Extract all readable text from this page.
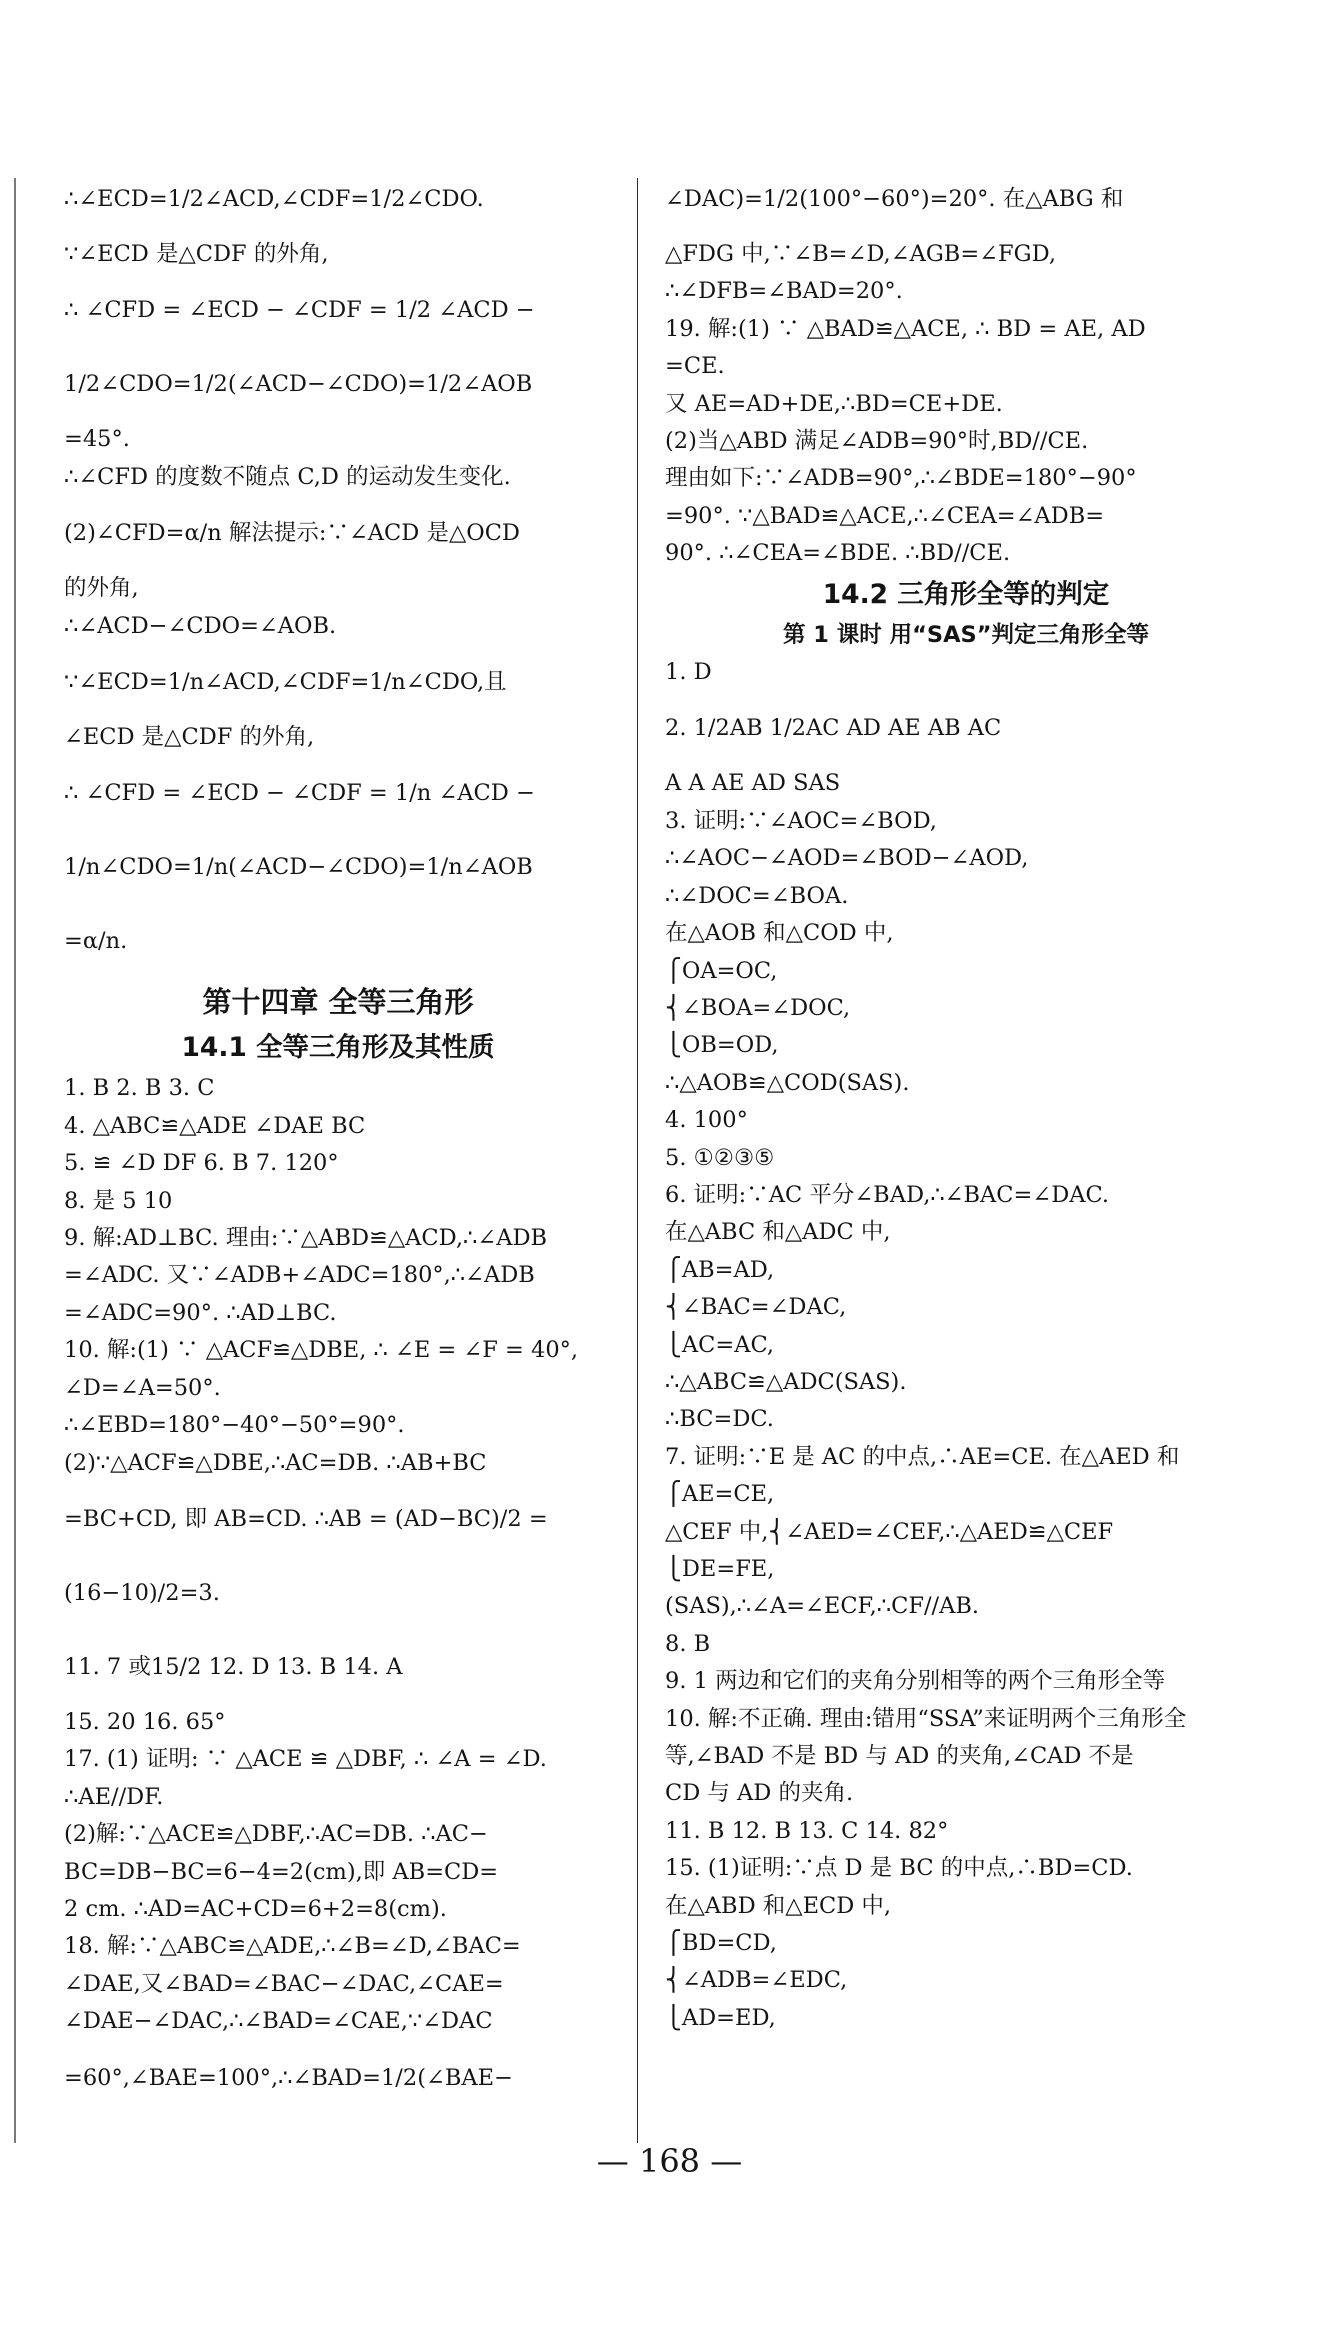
∴∠ECD=1/2∠ACD,∠CDF=1/2∠CDO.
∵∠ECD 是△CDF 的外角,
∴ ∠CFD = ∠ECD − ∠CDF = 1/2 ∠ACD −
1/2∠CDO=1/2(∠ACD−∠CDO)=1/2∠AOB
=45°.
∴∠CFD 的度数不随点 C,D 的运动发生变化.
(2)∠CFD=α/n 解法提示:∵∠ACD 是△OCD
的外角,
∴∠ACD−∠CDO=∠AOB.
∵∠ECD=1/n∠ACD,∠CDF=1/n∠CDO,且
∠ECD 是△CDF 的外角,
∴ ∠CFD = ∠ECD − ∠CDF = 1/n ∠ACD −
1/n∠CDO=1/n(∠ACD−∠CDO)=1/n∠AOB
=α/n.
第十四章 全等三角形
14.1 全等三角形及其性质
1. B 2. B 3. C
4. △ABC≌△ADE ∠DAE BC
5. ≌ ∠D DF 6. B 7. 120°
8. 是 5 10
9. 解:AD⊥BC. 理由:∵△ABD≌△ACD,∴∠ADB
=∠ADC. 又∵∠ADB+∠ADC=180°,∴∠ADB
=∠ADC=90°. ∴AD⊥BC.
10. 解:(1) ∵ △ACF≌△DBE, ∴ ∠E = ∠F = 40°,
∠D=∠A=50°.
∴∠EBD=180°−40°−50°=90°.
(2)∵△ACF≌△DBE,∴AC=DB. ∴AB+BC
=BC+CD, 即 AB=CD. ∴AB = (AD−BC)/2 =
(16−10)/2=3.
11. 7 或15/2 12. D 13. B 14. A
15. 20 16. 65°
17. (1) 证明: ∵ △ACE ≌ △DBF, ∴ ∠A = ∠D.
∴AE//DF.
(2)解:∵△ACE≌△DBF,∴AC=DB. ∴AC−
BC=DB−BC=6−4=2(cm),即 AB=CD=
2 cm. ∴AD=AC+CD=6+2=8(cm).
18. 解:∵△ABC≌△ADE,∴∠B=∠D,∠BAC=
∠DAE,又∠BAD=∠BAC−∠DAC,∠CAE=
∠DAE−∠DAC,∴∠BAD=∠CAE,∵∠DAC
=60°,∠BAE=100°,∴∠BAD=1/2(∠BAE−
∠DAC)=1/2(100°−60°)=20°. 在△ABG 和
△FDG 中,∵∠B=∠D,∠AGB=∠FGD,
∴∠DFB=∠BAD=20°.
19. 解:(1) ∵ △BAD≌△ACE, ∴ BD = AE, AD
=CE.
又 AE=AD+DE,∴BD=CE+DE.
(2)当△ABD 满足∠ADB=90°时,BD//CE.
理由如下:∵∠ADB=90°,∴∠BDE=180°−90°
=90°. ∵△BAD≌△ACE,∴∠CEA=∠ADB=
90°. ∴∠CEA=∠BDE. ∴BD//CE.
14.2 三角形全等的判定
第 1 课时 用“SAS”判定三角形全等
1. D
2. 1/2AB 1/2AC AD AE AB AC
A A AE AD SAS
3. 证明:∵∠AOC=∠BOD,
∴∠AOC−∠AOD=∠BOD−∠AOD,
∴∠DOC=∠BOA.
在△AOB 和△COD 中,
⎧OA=OC,
⎨∠BOA=∠DOC,
⎩OB=OD,
∴△AOB≌△COD(SAS).
4. 100°
5. ①②③⑤
6. 证明:∵AC 平分∠BAD,∴∠BAC=∠DAC.
在△ABC 和△ADC 中,
⎧AB=AD,
⎨∠BAC=∠DAC,
⎩AC=AC,
∴△ABC≌△ADC(SAS).
∴BC=DC.
7. 证明:∵E 是 AC 的中点,∴AE=CE. 在△AED 和
⎧AE=CE,
△CEF 中,⎨∠AED=∠CEF,∴△AED≌△CEF
⎩DE=FE,
(SAS),∴∠A=∠ECF,∴CF//AB.
8. B
9. 1 两边和它们的夹角分别相等的两个三角形全等
10. 解:不正确. 理由:错用“SSA”来证明两个三角形全
等,∠BAD 不是 BD 与 AD 的夹角,∠CAD 不是
CD 与 AD 的夹角.
11. B 12. B 13. C 14. 82°
15. (1)证明:∵点 D 是 BC 的中点,∴BD=CD.
在△ABD 和△ECD 中,
⎧BD=CD,
⎨∠ADB=∠EDC,
⎩AD=ED,
— 168 —
